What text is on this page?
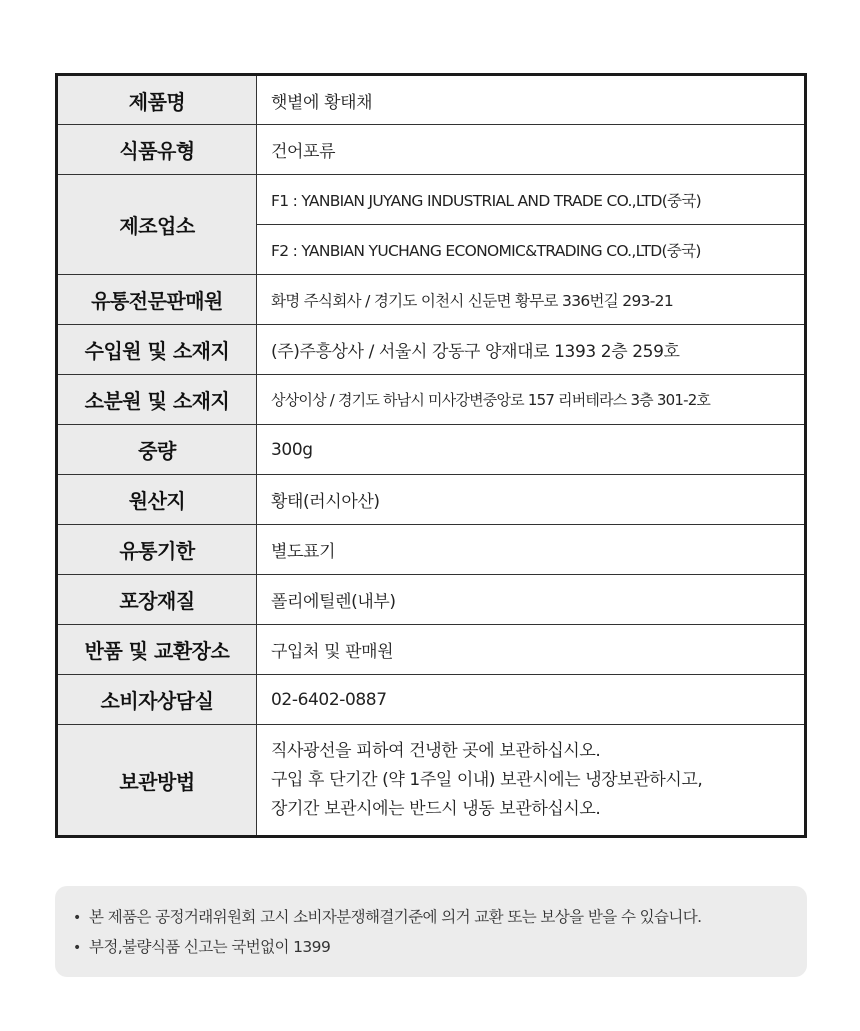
제품명	햇볕에 황태채
식품유형	건어포류
제조업소	F1 : YANBIAN JUYANG INDUSTRIAL AND TRADE CO.,LTD(중국)
	F2 : YANBIAN YUCHANG ECONOMIC&TRADING CO.,LTD(중국)
유통전문판매원	화명 주식회사 / 경기도 이천시 신둔면 황무로 336번길 293-21
수입원 및 소재지	(주)주흥상사 / 서울시 강동구 양재대로 1393 2층 259호
소분원 및 소재지	상상이상 / 경기도 하남시 미사강변중앙로 157 리버테라스 3층 301-2호
중량	300g
원산지	황태(러시아산)
유통기한	별도표기
포장재질	폴리에틸렌(내부)
반품 및 교환장소	구입처 및 판매원
소비자상담실	02-6402-0887
보관방법	직사광선을 피하여 건냉한 곳에 보관하십시오.
구입 후 단기간 (약 1주일 이내) 보관시에는 냉장보관하시고,
장기간 보관시에는 반드시 냉동 보관하십시오.
• 본 제품은 공정거래위원회 고시 소비자분쟁해결기준에 의거 교환 또는 보상을 받을 수 있습니다.
• 부정,불량식품 신고는 국번없이 1399
